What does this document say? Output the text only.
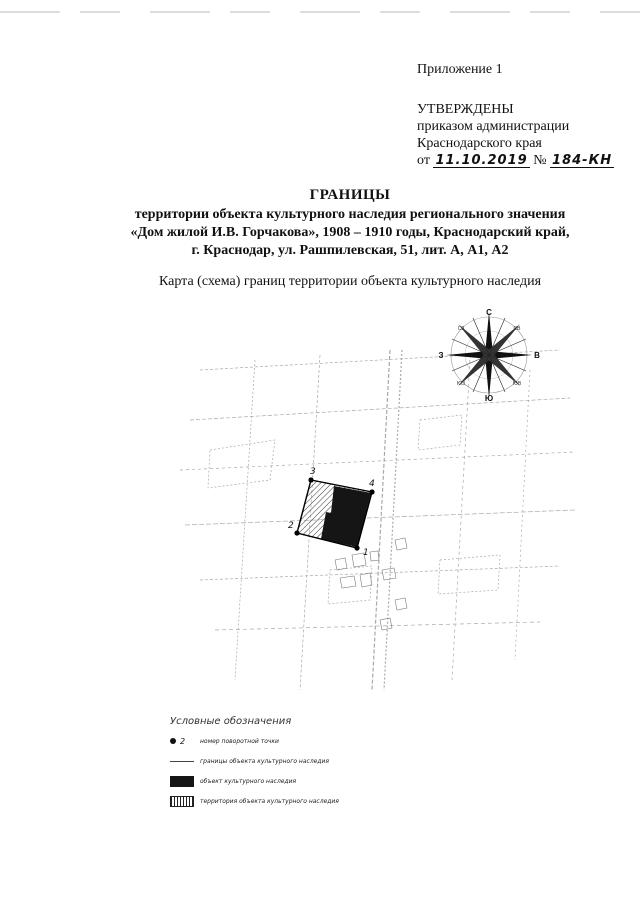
Приложение 1
УТВЕРЖДЕНЫ
приказом администрации
Краснодарского края
от 11.10.2019 № 184-КН
ГРАНИЦЫ
территории объекта культурного наследия регионального значения
«Дом жилой И.В. Горчакова», 1908 – 1910 годы, Краснодарский край,
г. Краснодар, ул. Рашпилевская, 51, лит. А, А1, А2
Карта (схема) границ территории объекта культурного наследия
С
Ю
В
З
СЗ	СВ
ЮЗ	ЮВ
1
2
3
4
Условные обозначения
2 номер поворотной точки
границы объекта культурного наследия
объект культурного наследия
территория объекта культурного наследия
